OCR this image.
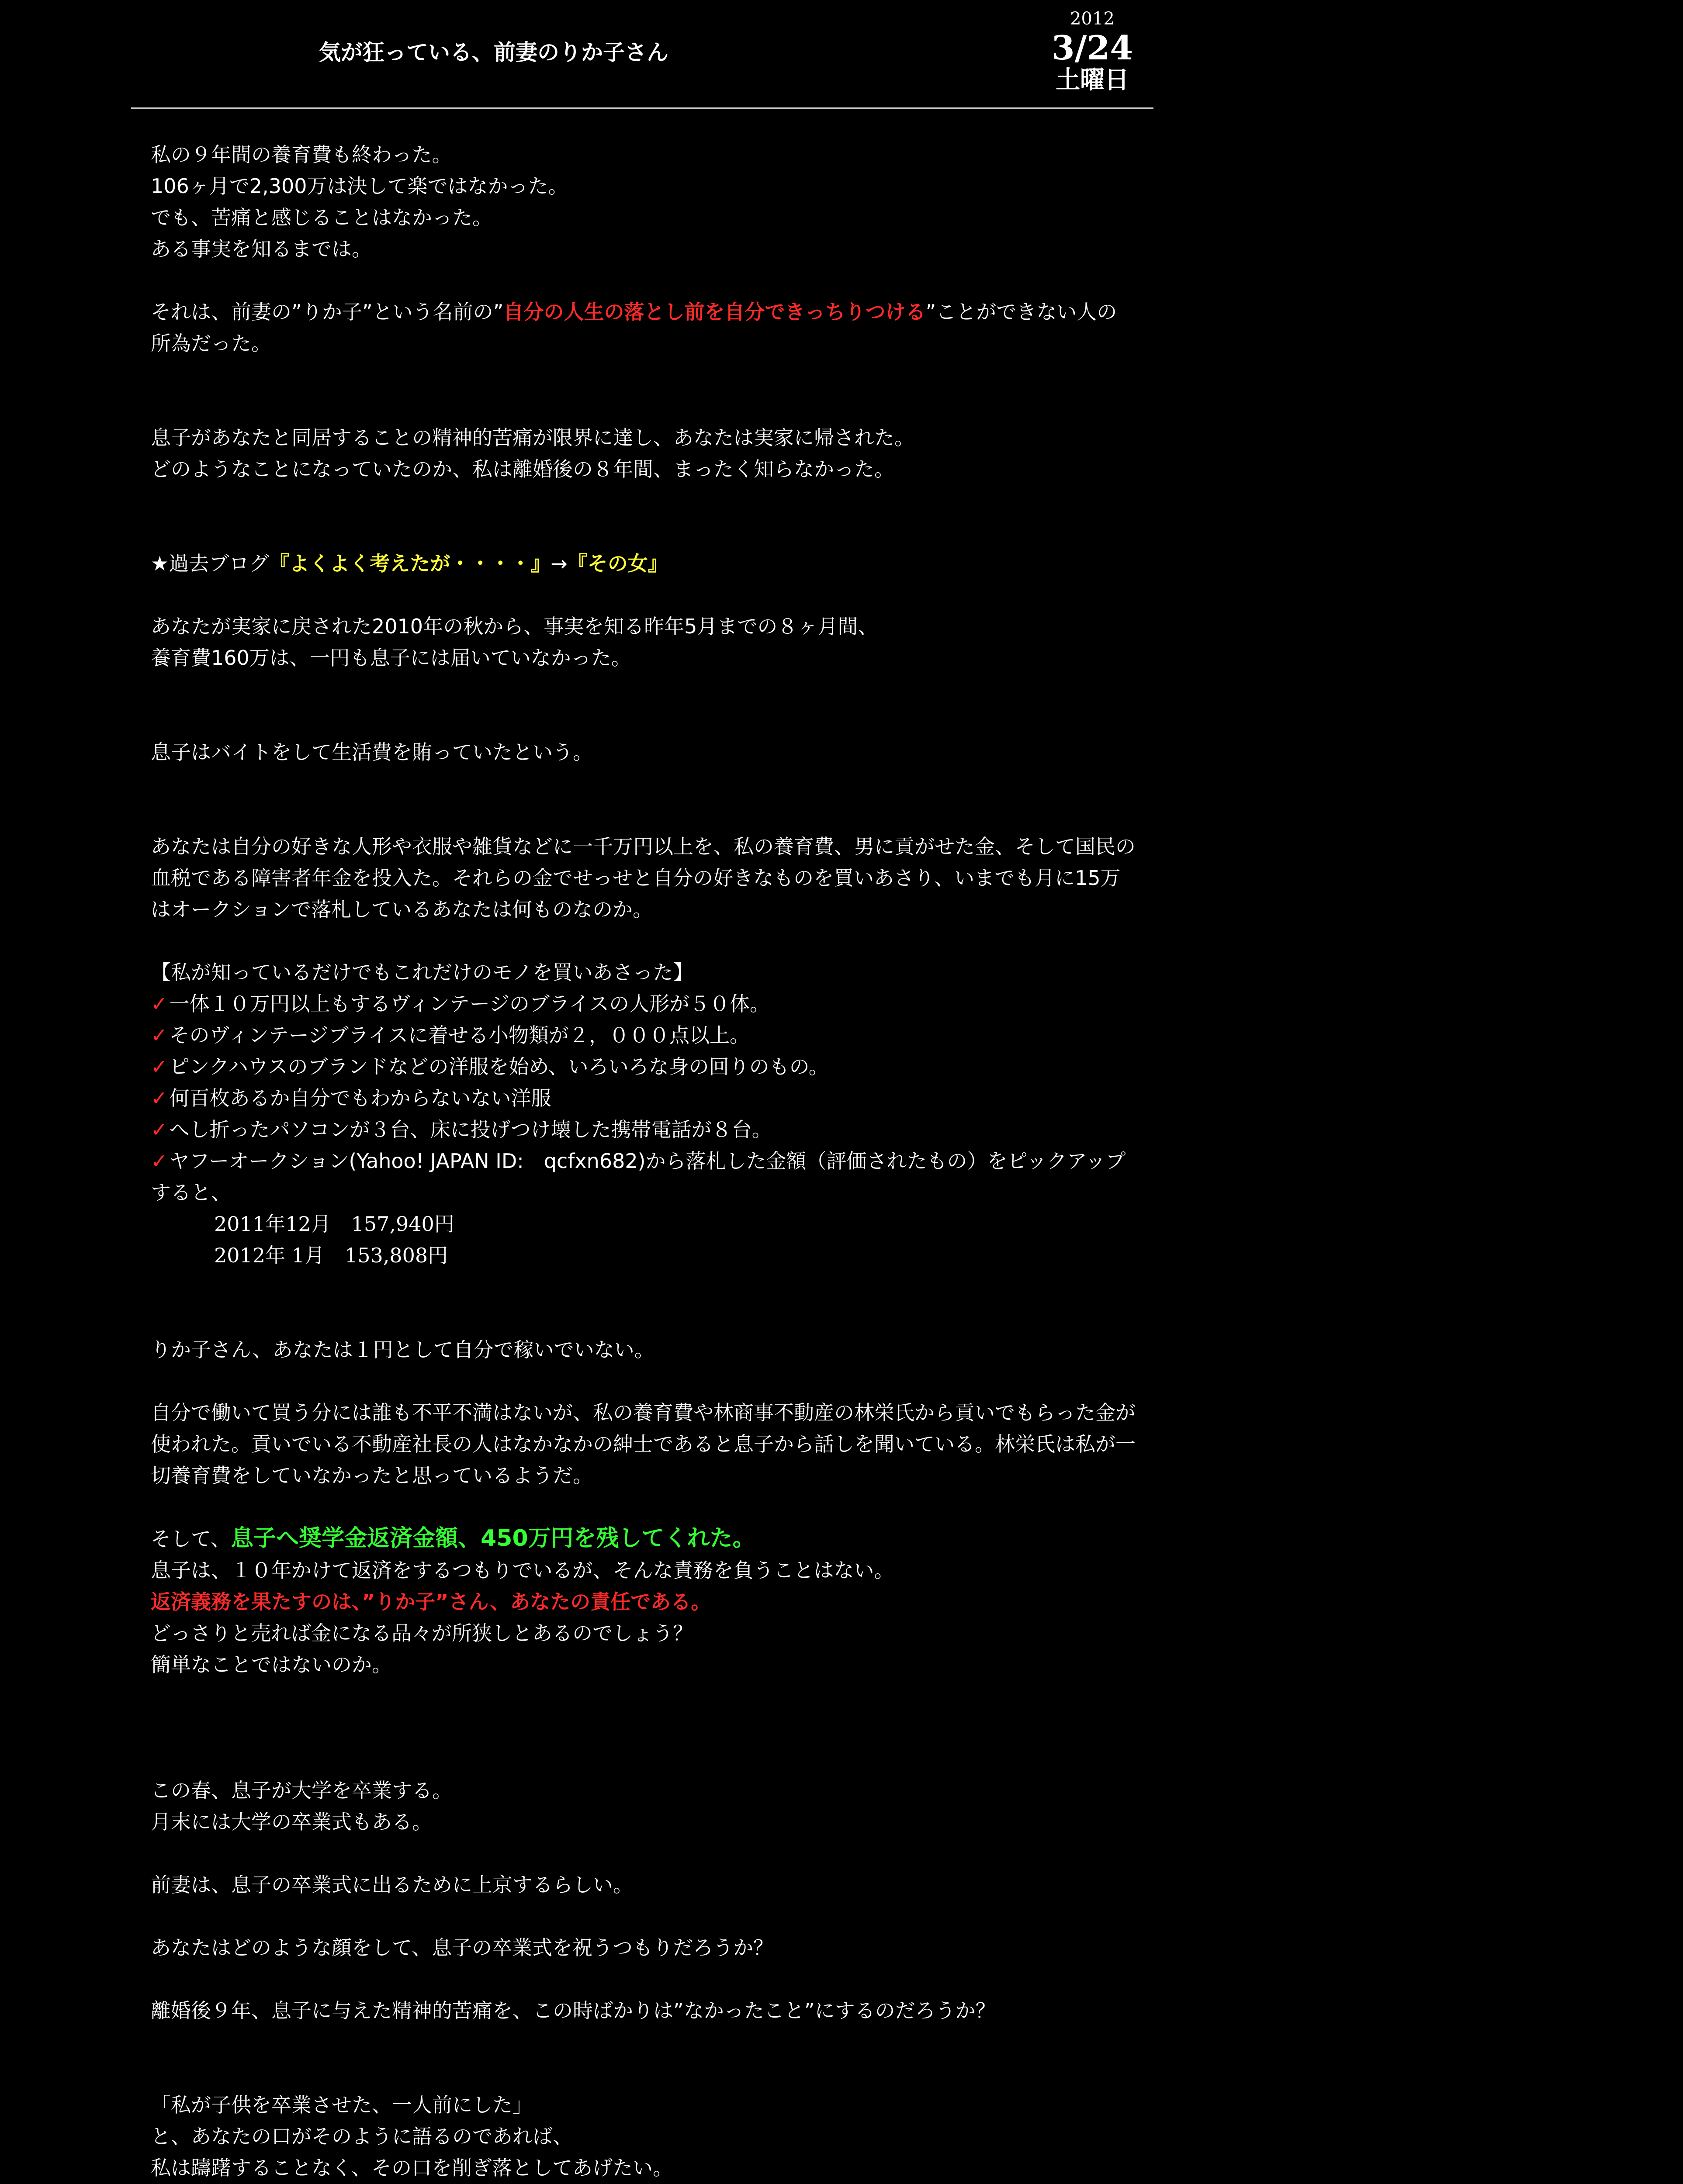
気が狂っている、前妻のりか子さん
2012
3/24
土曜日

私の９年間の養育費も終わった。

106ヶ月で2,300万は決して楽ではなかった。

でも、苦痛と感じることはなかった。

ある事実を知るまでは。

それは、前妻の”りか子”という名前の”自分の人生の落とし前を自分できっちりつける”ことができない人の所為だった。

息子があなたと同居することの精神的苦痛が限界に達し、あなたは実家に帰された。

どのようなことになっていたのか、私は離婚後の８年間、まったく知らなかった。

★過去ブログ『よくよく考えたが・・・・』→『その女』

あなたが実家に戻された2010年の秋から、事実を知る昨年5月までの８ヶ月間、

養育費160万は、一円も息子には届いていなかった。

息子はバイトをして生活費を賄っていたという。

あなたは自分の好きな人形や衣服や雑貨などに一千万円以上を、私の養育費、男に貢がせた金、そして国民の血税である障害者年金を投入た。それらの金でせっせと自分の好きなものを買いあさり、いまでも月に15万はオークションで落札しているあなたは何ものなのか。

【私が知っているだけでもこれだけのモノを買いあさった】

✓一体１０万円以上もするヴィンテージのブライスの人形が５０体。

✓そのヴィンテージブライスに着せる小物類が２，０００点以上。

✓ピンクハウスのブランドなどの洋服を始め、いろいろな身の回りのもの。

✓何百枚あるか自分でもわからないない洋服

✓へし折ったパソコンが３台、床に投げつけ壊した携帯電話が８台。

✓ヤフーオークション(Yahoo! JAPAN ID:　qcfxn682)から落札した金額（評価されたもの）をピックアップすると、

2011年12月　157,940円

2012年 1月　153,808円

りか子さん、あなたは１円として自分で稼いでいない。

自分で働いて買う分には誰も不平不満はないが、私の養育費や林商事不動産の林栄氏から貢いでもらった金が使われた。貢いでいる不動産社長の人はなかなかの紳士であると息子から話しを聞いている。林栄氏は私が一切養育費をしていなかったと思っているようだ。

そして、息子へ奨学金返済金額、450万円を残してくれた。

息子は、１０年かけて返済をするつもりでいるが、そんな責務を負うことはない。

返済義務を果たすのは、”りか子”さん、あなたの責任である。

どっさりと売れば金になる品々が所狭しとあるのでしょう？

簡単なことではないのか。

この春、息子が大学を卒業する。

月末には大学の卒業式もある。

前妻は、息子の卒業式に出るために上京するらしい。

あなたはどのような顔をして、息子の卒業式を祝うつもりだろうか？

離婚後９年、息子に与えた精神的苦痛を、この時ばかりは”なかったこと”にするのだろうか？

「私が子供を卒業させた、一人前にした」

と、あなたの口がそのように語るのであれば、

私は躊躇することなく、その口を削ぎ落としてあげたい。
